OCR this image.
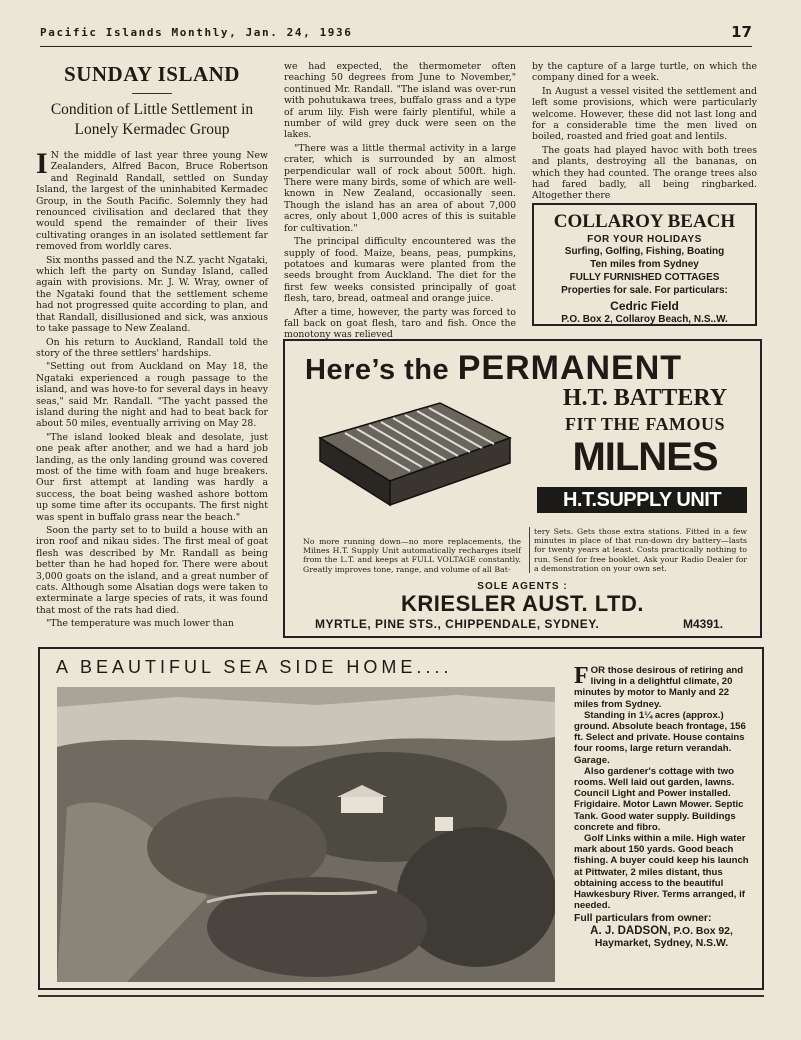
Pacific Islands Monthly, Jan. 24, 1936	17
SUNDAY ISLAND
Condition of Little Settlement in Lonely Kermadec Group

I N the middle of last year three young New Zealanders, Alfred Bacon, Bruce Robertson and Reginald Randall, settled on Sunday Island, the largest of the uninhabited Kermadec Group, in the South Pacific. Solemnly they had renounced civilisation and declared that they would spend the remainder of their lives cultivating oranges in an isolated settlement far removed from worldly cares.

Six months passed and the N.Z. yacht Ngataki, which left the party on Sunday Island, called again with provisions. Mr. J. W. Wray, owner of the Ngataki found that the settlement scheme had not progressed quite according to plan, and that Randall, disillusioned and sick, was anxious to take passage to New Zealand.

On his return to Auckland, Randall told the story of the three settlers' hardships.

"Setting out from Auckland on May 18, the Ngataki experienced a rough passage to the island, and was hove-to for several days in heavy seas," said Mr. Randall. "The yacht passed the island during the night and had to beat back for about 50 miles, eventually arriving on May 28.

"The island looked bleak and desolate, just one peak after another, and we had a hard job landing, as the only landing ground was covered most of the time with foam and huge breakers. Our first attempt at landing was hardly a success, the boat being washed ashore bottom up some time after its occupants. The first night was spent in buffalo grass near the beach."

Soon the party set to to build a house with an iron roof and nikau sides. The first meal of goat flesh was described by Mr. Randall as being better than he had hoped for. There were about 3,000 goats on the island, and a great number of cats. Although some Alsatian dogs were taken to exterminate a large species of rats, it was found that most of the rats had died.

"The temperature was much lower than

we had expected, the thermometer often reaching 50 degrees from June to November," continued Mr. Randall. "The island was over-run with pohutukawa trees, buffalo grass and a type of arum lily. Fish were fairly plentiful, while a number of wild grey duck were seen on the lakes.

"There was a little thermal activity in a large crater, which is surrounded by an almost perpendicular wall of rock about 500ft. high. There were many birds, some of which are well-known in New Zealand, occasionally seen. Though the island has an area of about 7,000 acres, only about 1,000 acres of this is suitable for cultivation."

The principal difficulty encountered was the supply of food. Maize, beans, peas, pumpkins, potatoes and kumaras were planted from the seeds brought from Auckland. The diet for the first few weeks consisted principally of goat flesh, taro, bread, oatmeal and orange juice.

After a time, however, the party was forced to fall back on goat flesh, taro and fish. Once the monotony was relieved

by the capture of a large turtle, on which the company dined for a week.

In August a vessel visited the settlement and left some provisions, which were particularly welcome. However, these did not last long and for a considerable time the men lived on boiled, roasted and fried goat and lentils.

The goats had played havoc with both trees and plants, destroying all the bananas, on which they had counted. The orange trees also had fared badly, all being ringbarked. Altogether there

COLLAROY BEACH
FOR YOUR HOLIDAYS
Surfing, Golfing, Fishing, Boating
Ten miles from Sydney
FULLY FURNISHED COTTAGES
Properties for sale. For particulars:
Cedric Field
P.O. Box 2, Collaroy Beach, N.S..W.
Here’s the PERMANENT
H.T. BATTERY
FIT THE FAMOUS
MILNES
H.T.SUPPLY UNIT
No more running down—no more replacements, the Milnes H.T. Supply Unit automatically recharges itself from the L.T. and keeps at FULL VOLTAGE constantly. Greatly improves tone, range, and volume of all Bat-
tery Sets. Gets those extra stations. Fitted in a few minutes in place of that run-down dry battery—lasts for twenty years at least. Costs practically nothing to run. Send for free booklet. Ask your Radio Dealer for a demonstration on your own set.
SOLE AGENTS :
KRIESLER AUST. LTD.
MYRTLE, PINE STS., CHIPPENDALE, SYDNEY.	M4391.
A BEAUTIFUL SEA SIDE HOME....	FOR those desirous of retiring and living in a delightful climate, 20 minutes by motor to Manly and 22 miles from Sydney.

Standing in 1¼ acres (approx.) ground. Absolute beach frontage, 156 ft. Select and private. House contains four rooms, large return verandah. Garage.

Also gardener's cottage with two rooms. Well laid out garden, lawns. Council Light and Power installed. Frigidaire. Motor Lawn Mower. Septic Tank. Good water supply. Buildings concrete and fibro.

Golf Links within a mile. High water mark about 150 yards. Good beach fishing. A buyer could keep his launch at Pittwater, 2 miles distant, thus obtaining access to the beautiful Hawkesbury River. Terms arranged, if needed.

Full particulars from owner:
A. J. DADSON, P.O. Box 92,
Haymarket, Sydney, N.S.W.
